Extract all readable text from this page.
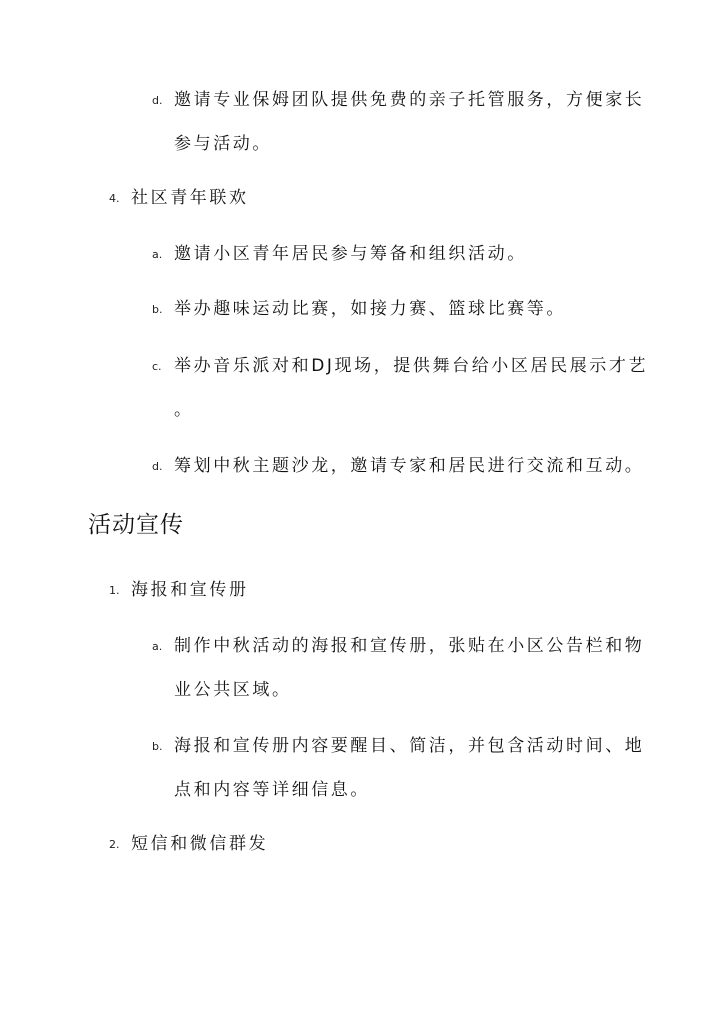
d. 邀请专业保姆团队提供免费的亲子托管服务，方便家长
参与活动。
4. 社区青年联欢
a. 邀请小区青年居民参与筹备和组织活动。
b. 举办趣味运动比赛，如接力赛、篮球比赛等。
c. 举办音乐派对和DJ现场，提供舞台给小区居民展示才艺
。
d. 筹划中秋主题沙龙，邀请专家和居民进行交流和互动。
活动宣传
1. 海报和宣传册
a. 制作中秋活动的海报和宣传册，张贴在小区公告栏和物
业公共区域。
b. 海报和宣传册内容要醒目、简洁，并包含活动时间、地
点和内容等详细信息。
2. 短信和微信群发
